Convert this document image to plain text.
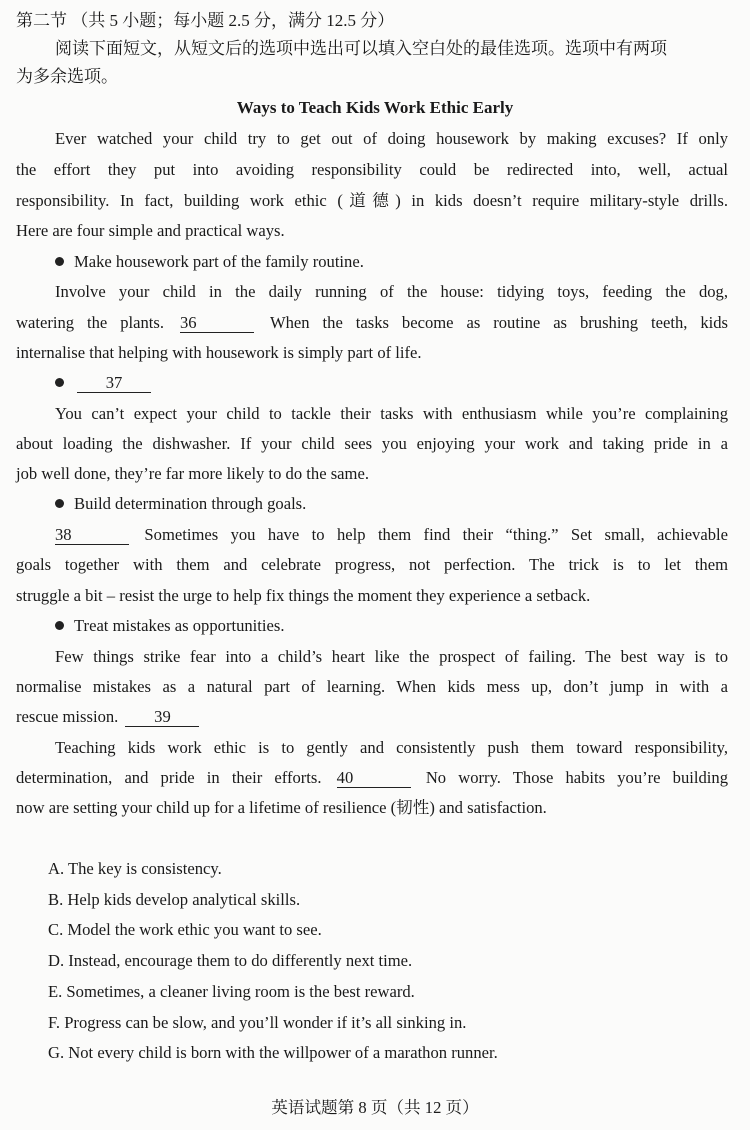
第二节 （共 5 小题；每小题 2.5 分，满分 12.5 分）
阅读下面短文，从短文后的选项中选出可以填入空白处的最佳选项。选项中有两项
为多余选项。
Ways to Teach Kids Work Ethic Early
Ever watched your child try to get out of doing housework by making excuses? If only
the effort they put into avoiding responsibility could be redirected into, well, actual
responsibility. In fact, building work ethic (道德) in kids doesn’t require military-style drills.
Here are four simple and practical ways.
Make housework part of the family routine.
Involve your child in the daily running of the house: tidying toys, feeding the dog,
watering the plants. 36	When the tasks become as routine as brushing teeth, kids
internalise that helping with housework is simply part of life.
37
You can’t expect your child to tackle their tasks with enthusiasm while you’re complaining
about loading the dishwasher. If your child sees you enjoying your work and taking pride in a
job well done, they’re far more likely to do the same.
Build determination through goals.
38	Sometimes you have to help them find their “thing.” Set small, achievable
goals together with them and celebrate progress, not perfection. The trick is to let them
struggle a bit – resist the urge to help fix things the moment they experience a setback.
Treat mistakes as opportunities.
Few things strike fear into a child’s heart like the prospect of failing. The best way is to
normalise mistakes as a natural part of learning. When kids mess up, don’t jump in with a
rescue mission. 39
Teaching kids work ethic is to gently and consistently push them toward responsibility,
determination, and pride in their efforts. 40	No worry. Those habits you’re building
now are setting your child up for a lifetime of resilience (韧性) and satisfaction.
A. The key is consistency.
B. Help kids develop analytical skills.
C. Model the work ethic you want to see.
D. Instead, encourage them to do differently next time.
E. Sometimes, a cleaner living room is the best reward.
F. Progress can be slow, and you’ll wonder if it’s all sinking in.
G. Not every child is born with the willpower of a marathon runner.
英语试题第 8 页（共 12 页）
